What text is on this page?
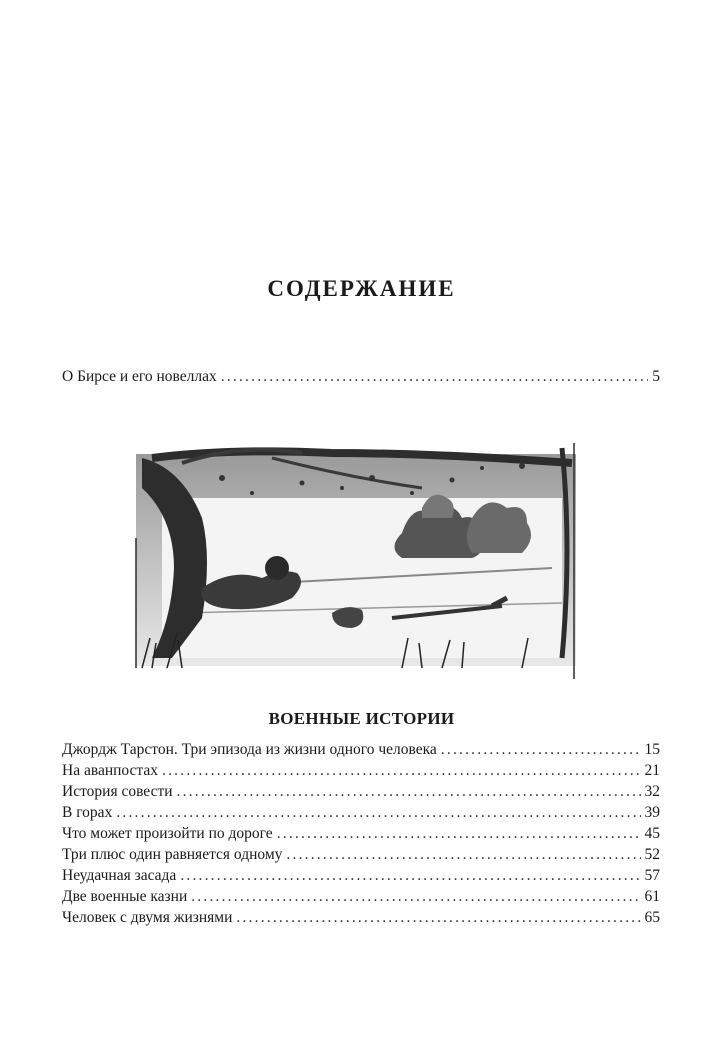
СОДЕРЖАНИЕ
О Бирсе и его новеллах .....	5
ВОЕННЫЕ ИСТОРИИ
Джордж Тарстон. Три эпизода из жизни одного человека .....	15
На аванпостах .....	21
История совести .....	32
В горах .....	39
Что может произойти по дороге .....	45
Три плюс один равняется одному .....	52
Неудачная засада .....	57
Две военные казни .....	61
Человек с двумя жизнями .....	65
